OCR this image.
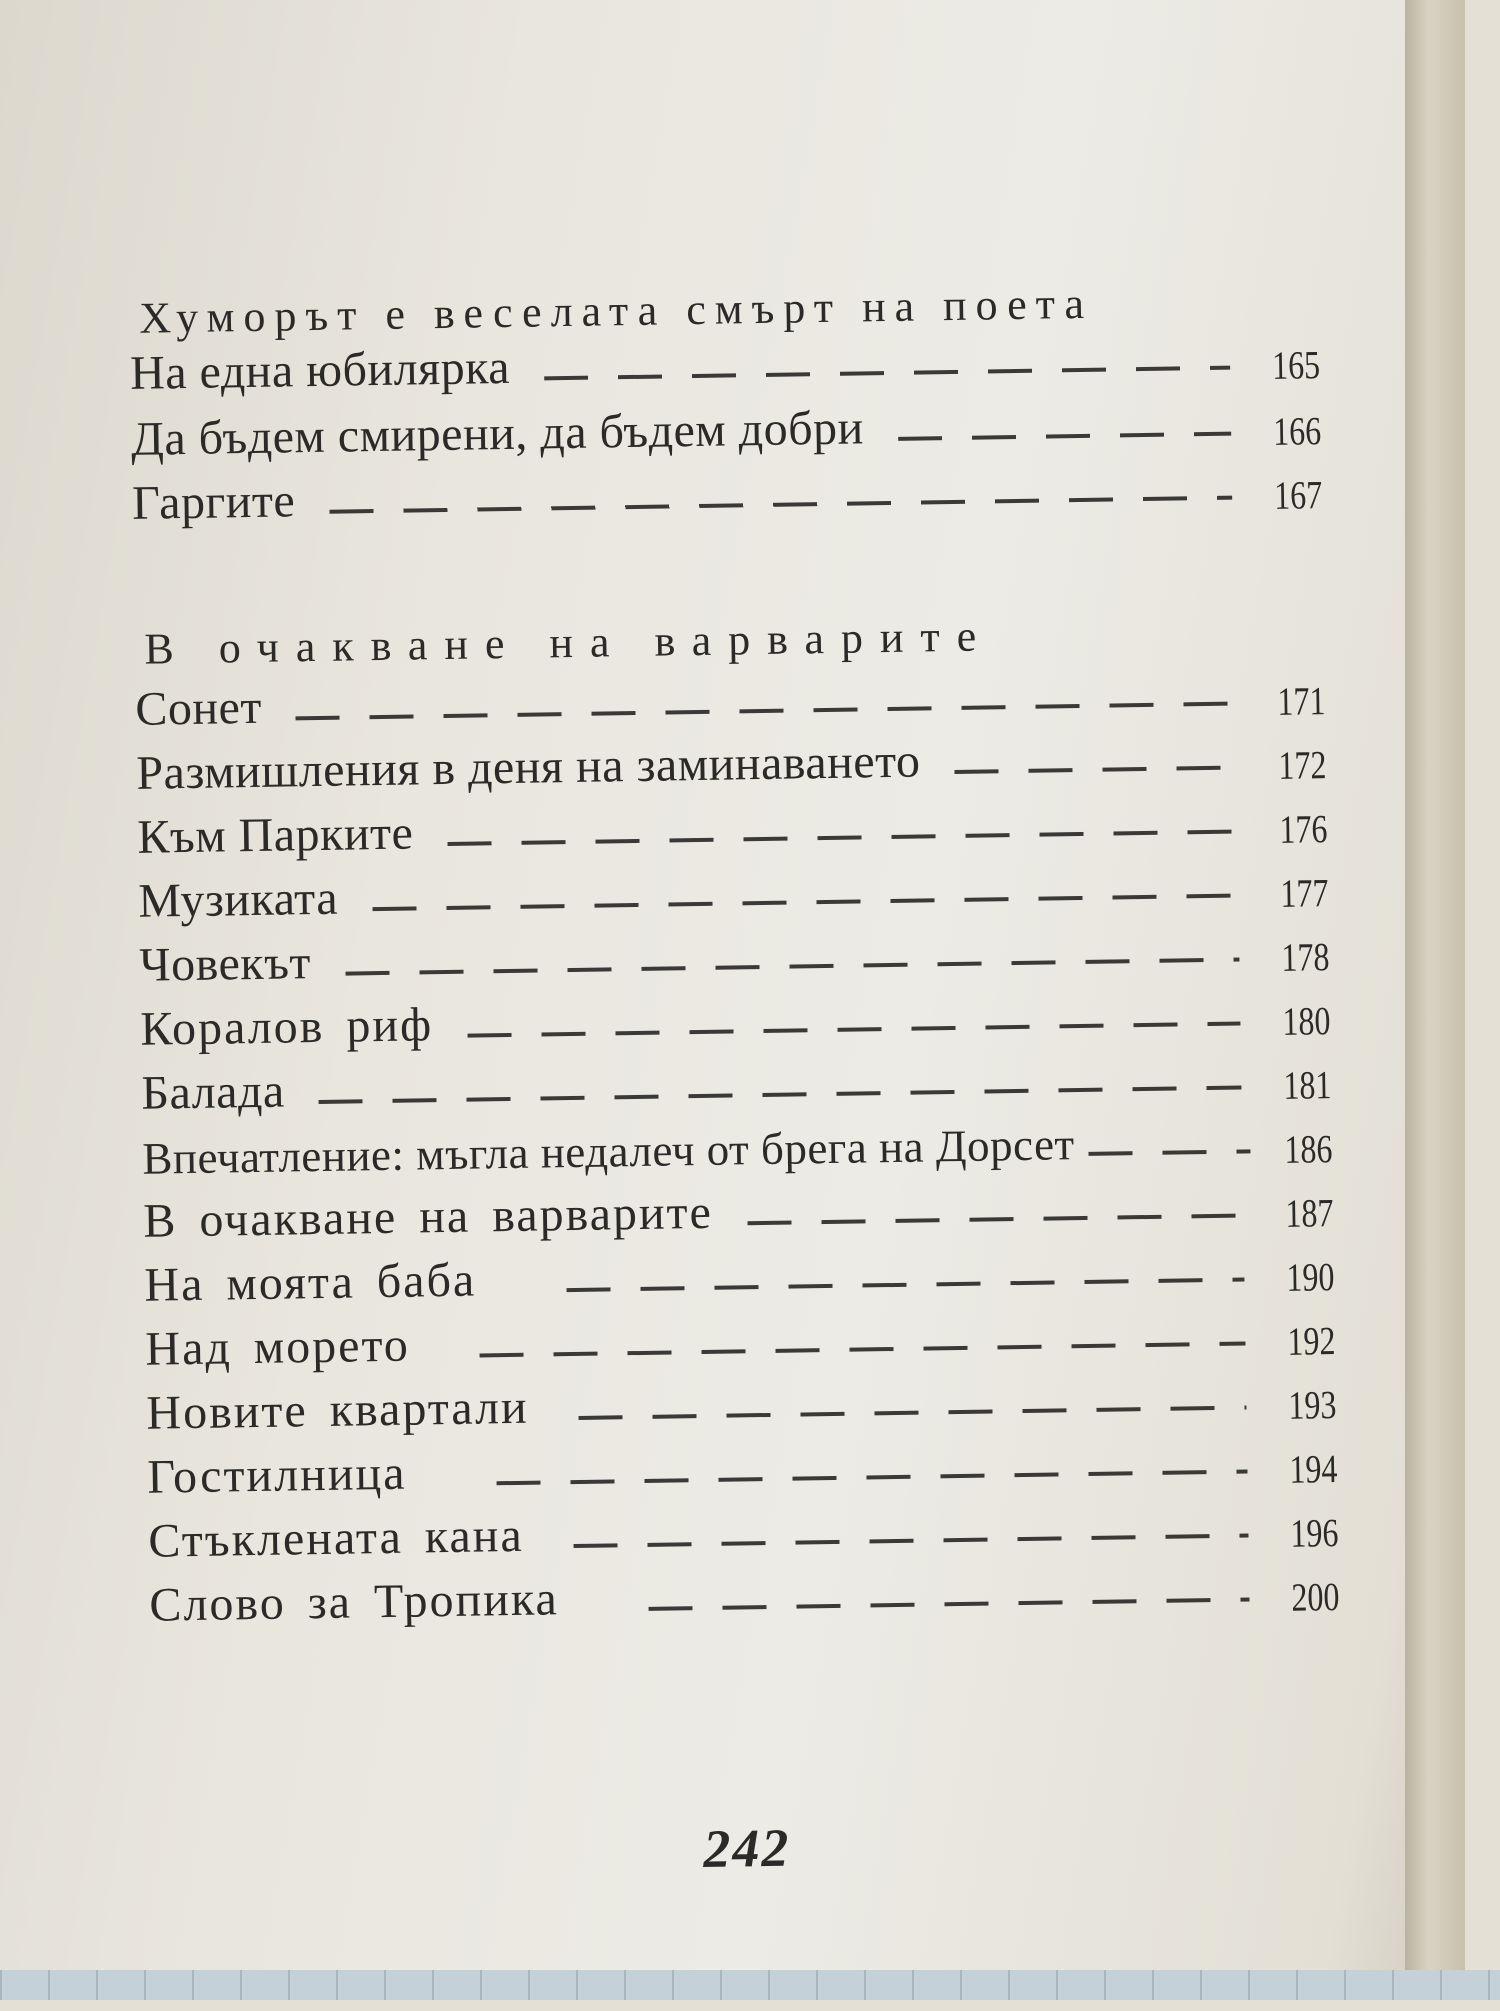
Хуморът е веселата смърт на поета
На една юбилярка	165
Да бъдем смирени, да бъдем добри	166
Гаргите	167
В очакване на варварите
Сонет	171
Размишления в деня на заминаването	172
Към Парките	176
Музиката	177
Човекът	178
Коралов риф	180
Балада	181
Впечатление: мъгла недалеч от брега на Дорсет	186
В очакване на варварите	187
На моята баба	190
Над морето	192
Новите квартали	193
Гостилница	194
Стъклената кана	196
Слово за Тропика	200
242
